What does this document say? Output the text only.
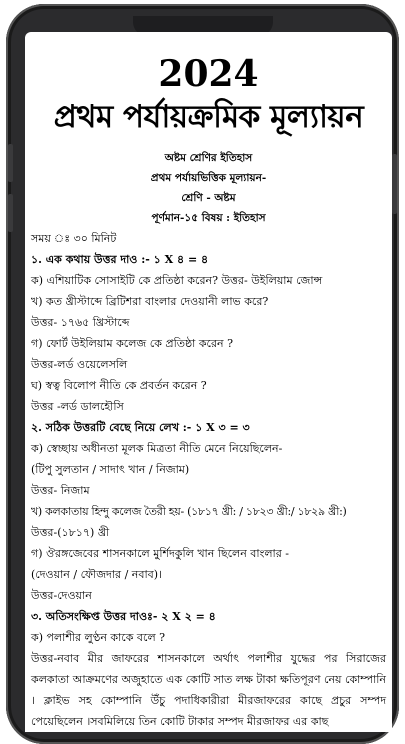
2024
প্রথম পর্যায়ক্রমিক মূল্যায়ন
অষ্টম শ্রেণির ইতিহাস
প্রথম পর্যায়ভিত্তিক মূল্যায়ন-
শ্রেণি - অষ্টম
পূর্ণমান-১৫ বিষয় : ইতিহাস
সময় ঃ ৩০ মিনিট
১. এক কথায় উত্তর দাও :- ১ X ৪ = ৪
ক) এশিয়াটিক সোসাইটি কে প্রতিষ্ঠা করেন? উত্তর- উইলিয়াম জোন্স
খ) কত খ্রীস্টাব্দে ব্রিটিশরা বাংলার দেওয়ানী লাভ করে?
উত্তর- ১৭৬৫ খ্রিস্টাব্দে
গ) ফোর্ট উইলিয়াম কলেজ কে প্রতিষ্ঠা করেন ?
উত্তর-লর্ড ওয়েলেসলি
ঘ) স্বত্ব বিলোপ নীতি কে প্রবর্তন করেন ?
উত্তর -লর্ড ডালহৌসি
২. সঠিক উত্তরটি বেছে নিয়ে লেখ :- ১ X ৩ = ৩
ক) স্বেচ্ছায় অধীনতা মূলক মিত্রতা নীতি মেনে নিয়েছিলেন-
(টিপু সুলতান / সাদাৎ খান / নিজাম)
উত্তর- নিজাম
খ) কলকাতায় হিন্দু কলেজ তৈরী হয়- (১৮১৭ খ্রী: / ১৮২৩ খ্রী:/ ১৮২৯ খ্রী:)
উত্তর-(১৮১৭) খ্রী
গ) ঔরঙ্গজেবের শাসনকালে মুর্শিদকুলি খান ছিলেন বাংলার -
(দেওয়ান / ফৌজদার / নবাব)।
উত্তর-দেওয়ান
৩. অতিসংক্ষিপ্ত উত্তর দাওঃ- ২ X ২ = ৪
ক) পলাশীর লুণ্ঠন কাকে বলে ?
উত্তর-নবাব মীর জাফরের শাসনকালে অর্থাৎ পলাশীর যুদ্ধের পর সিরাজের কলকাতা আক্রমণের অজুহাতে এক কোটি সাত লক্ষ টাকা ক্ষতিপূরণ নেয় কোম্পানি । ক্লাইভ সহ কোম্পানি উঁচু পদাধিকারীরা মীরজাফরের কাছে প্রচুর সম্পদ পেয়েছিলেন ।সবমিলিয়ে তিন কোটি টাকার সম্পদ মীরজাফর এর কাছ
